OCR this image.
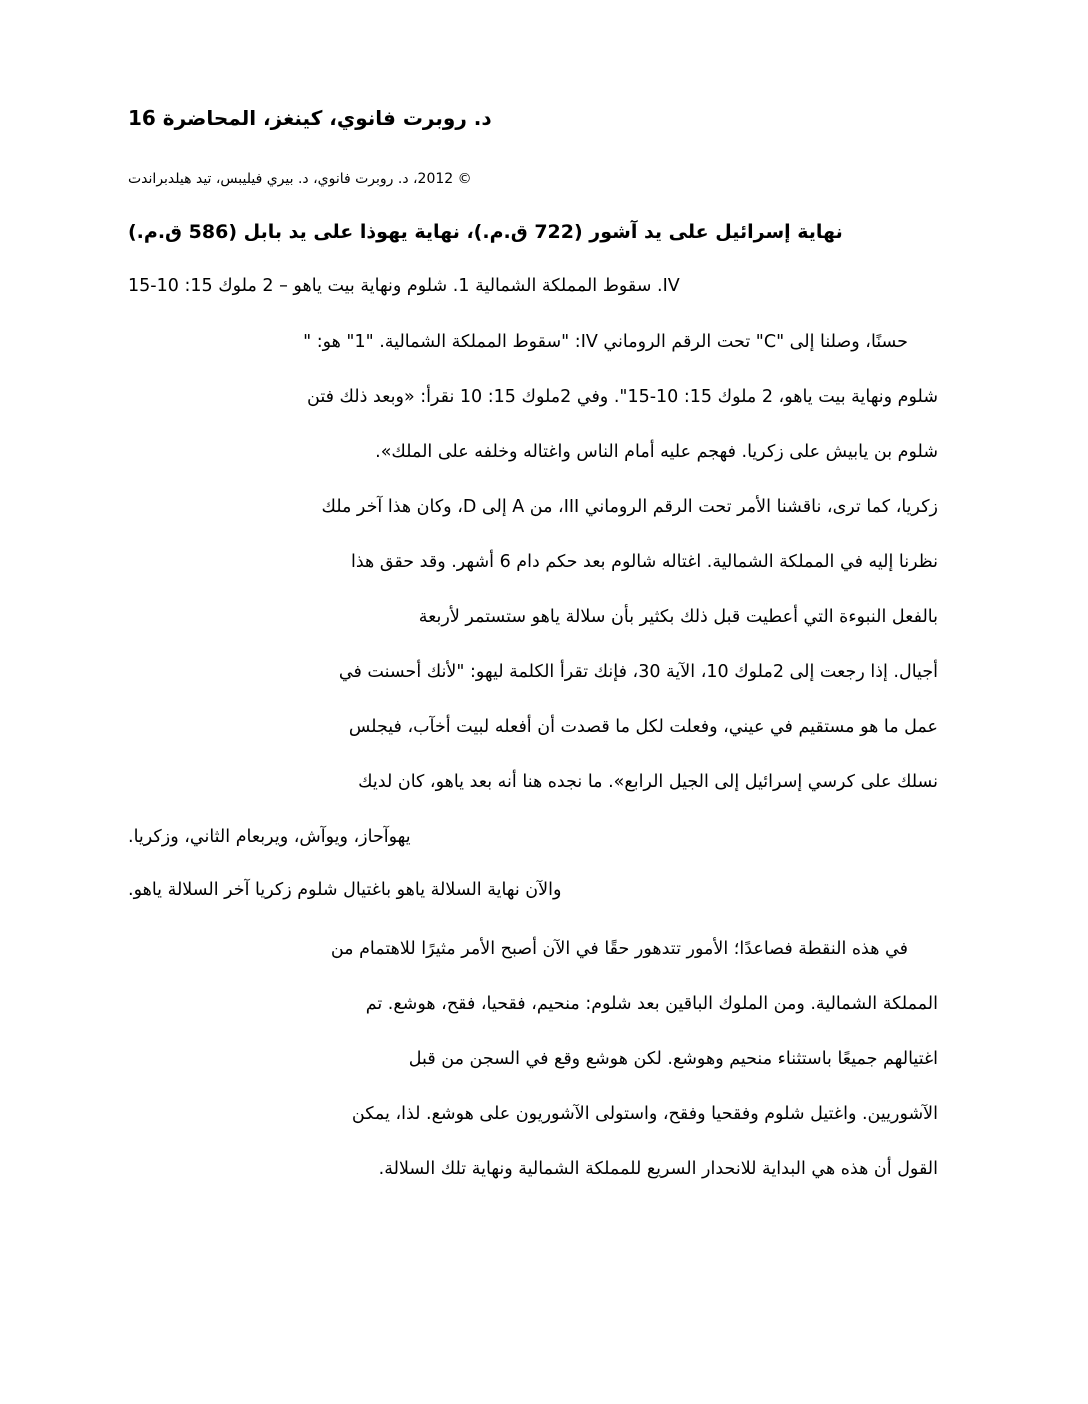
د. روبرت فانوي، كينغز، المحاضرة 16
© 2012، د. روبرت فانوي، د. بيري فيليبس، تيد هيلدبراندت
نهاية إسرائيل على يد آشور (722 ق.م.)، نهاية يهوذا على يد بابل (586 ق.م.)
IV. سقوط المملكة الشمالية 1. شلوم ونهاية بيت ياهو – 2 ملوك 15: 10-15
حسنًا، وصلنا إلى "C" تحت الرقم الروماني IV: "سقوط المملكة الشمالية. "1" هو: "
شلوم ونهاية بيت ياهو، 2 ملوك 15: 10-15". وفي 2ملوك 15: 10 نقرأ: «وبعد ذلك فتن
شلوم بن يابيش على زكريا. فهجم عليه أمام الناس واغتاله وخلفه على الملك».
زكريا، كما ترى، ناقشنا الأمر تحت الرقم الروماني III، من A إلى D، وكان هذا آخر ملك
نظرنا إليه في المملكة الشمالية. اغتاله شالوم بعد حكم دام 6 أشهر. وقد حقق هذا
بالفعل النبوءة التي أعطيت قبل ذلك بكثير بأن سلالة ياهو ستستمر لأربعة
أجيال. إذا رجعت إلى 2ملوك 10، الآية 30، فإنك تقرأ الكلمة ليهو: "لأنك أحسنت في
عمل ما هو مستقيم في عيني، وفعلت لكل ما قصدت أن أفعله لبيت أخآب، فيجلس
نسلك على كرسي إسرائيل إلى الجيل الرابع». ما نجده هنا أنه بعد ياهو، كان لديك
يهوآحاز، ويوآش، ويربعام الثاني، وزكريا.
والآن نهاية السلالة ياهو باغتيال شلوم زكريا آخر السلالة ياهو.
في هذه النقطة فصاعدًا؛ الأمور تتدهور حقًا في الآن أصبح الأمر مثيرًا للاهتمام من
المملكة الشمالية. ومن الملوك الباقين بعد شلوم: منحيم، فقحيا، فقح، هوشع. تم
اغتيالهم جميعًا باستثناء منحيم وهوشع. لكن هوشع وقع في السجن من قبل
الآشوريين. واغتيل شلوم وفقحيا وفقح، واستولى الآشوريون على هوشع. لذا، يمكن
القول أن هذه هي البداية للانحدار السريع للمملكة الشمالية ونهاية تلك السلالة.
